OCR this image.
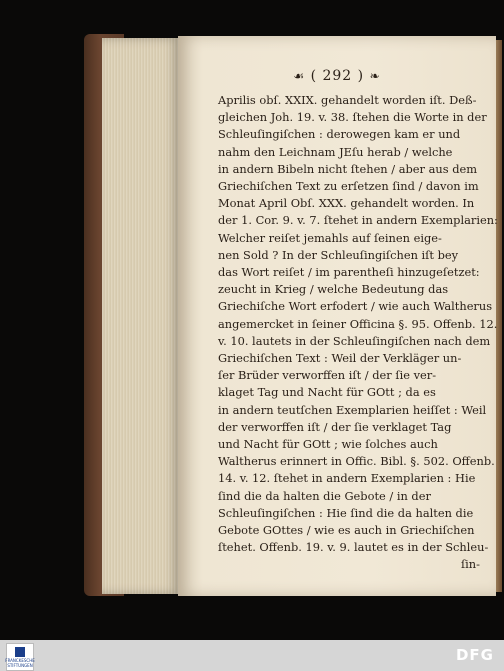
☙ ( 292 ) ❧
Aprilis obſ. XXIX. gehandelt worden iſt. Deß-
gleichen Joh. 19. v. 38. ſtehen die Worte in der
Schleuſingiſchen : derowegen kam er und
nahm den Leichnam JEſu herab / welche
in andern Bibeln nicht ſtehen / aber aus dem
Griechiſchen Text zu erſetzen ſind / davon im
Monat April Obſ. XXX. gehandelt worden. In
der 1. Cor. 9. v. 7. ſtehet in andern Exemplarien:
Welcher reiſet jemahls auf ſeinen eige-
nen Sold ? In der Schleuſingiſchen iſt bey
das Wort reiſet / im parentheſi hinzugeſetzet:
zeucht in Krieg / welche Bedeutung das
Griechiſche Wort erfodert / wie auch Waltherus
angemercket in ſeiner Officina §. 95. Offenb. 12.
v. 10. lautets in der Schleuſingiſchen nach dem
Griechiſchen Text : Weil der Verkläger un-
ſer Brüder verworffen iſt / der ſie ver-
klaget Tag und Nacht für GOtt ; da es
in andern teutſchen Exemplarien heiſſet : Weil
der verworffen iſt / der ſie verklaget Tag
und Nacht für GOtt ; wie ſolches auch
Waltherus erinnert in Offic. Bibl. §. 502. Offenb.
14. v. 12. ſtehet in andern Exemplarien : Hie
ſind die da halten die Gebote / in der
Schleuſingiſchen : Hie ſind die da halten die
Gebote GOttes / wie es auch in Griechiſchen
ſtehet. Offenb. 19. v. 9. lautet es in der Schleu-
ſin-
FRANCKESCHE
STIFTUNGEN
DFG
